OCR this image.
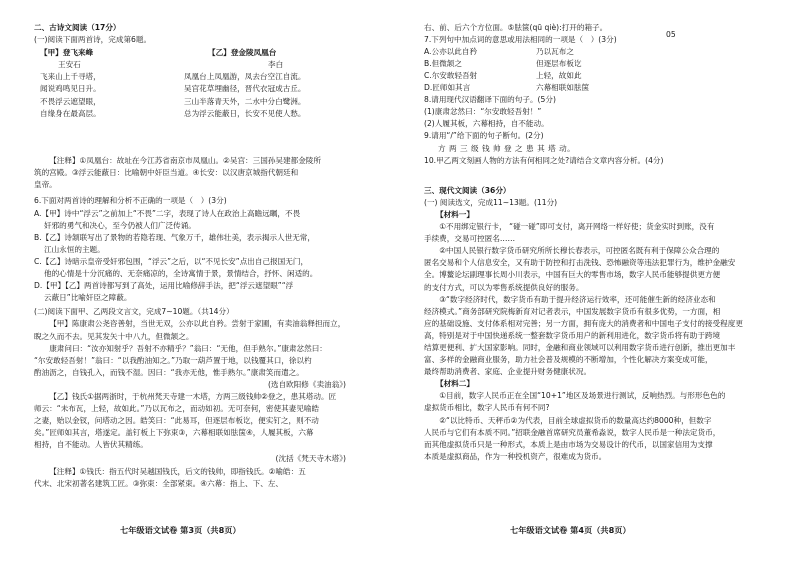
二、古诗文阅读（17分）
(一)阅读下面两首诗，完成第6题。
【甲】登飞来峰
王安石
飞来山上千寻塔，
闻说鸡鸣见日升。
不畏浮云遮望眼，
自缘身在最高层。
【乙】登金陵凤凰台
李白
凤凰台上凤凰游，凤去台空江自流。
吴宫花草埋幽径，晋代衣冠成古丘。
三山半落青天外，二水中分白鹭洲。
总为浮云能蔽日，长安不见使人愁。
【注释】①凤凰台：故址在今江苏省南京市凤凰山。②吴宫：三国孙吴建都金陵所
筑的宫殿。③浮云能蔽日：比喻朝中奸臣当道。④长安：以汉唐京城指代朝廷和
皇帝。
6.下面对两首诗的理解和分析不正确的一项是（　）(3分)
A.【甲】诗中“浮云”之前加上“不畏”二字，表现了诗人在政治上高瞻远瞩，不畏
奸邪的勇气和决心，至今仍被人们广泛传诵。
B.【乙】诗颔联写出了景物的若隐若现、气象万千，雄伟壮美，表示揭示人世无常，
江山永恒的主题。
C.【乙】诗暗示皇帝受奸邪包围，“浮云”之后，以“不见长安”点出自己报国无门，
他的心情是十分沉痛的、无奈痛凉的，全诗寓情于景，景情结合，抒怀、闲适的。
D.【甲】【乙】两首诗都写到了高处，运用比喻修辞手法，把“浮云遮望眼”“浮
云蔽日”比喻奸臣之障蔽。
(二)阅读下面甲、乙两段文言文，完成7~10题。（共14分）
【甲】陈康肃公尧咨善射，当世无双，公亦以此自矜。尝射于家圃，有卖油翁释担而立，
睨之久而不去。见其发矢十中八九，但微颔之。
康肃问曰：“汝亦知射乎？吾射不亦精乎？”翁曰：“无他，但手熟尔。”康肃忿然曰：
“尔安敢轻吾射！”翁曰：“以我酌油知之。”乃取一葫芦置于地，以钱覆其口，徐以杓
酌油沥之，自钱孔入，而钱不湿。因曰：“我亦无他，惟手熟尔。”康肃笑而遣之。
(选自欧阳修《卖油翁》)
【乙】钱氏①据两浙时，于杭州梵天寺建一木塔，方两三级钱帅②登之，患其塔动。匠
师云：“未布瓦，上轻，故如此。”乃以瓦布之，而动如初。无可奈何，密使其妻见喻皓
之妻，贻以金钗，问塔动之因。皓笑曰：“此易耳，但逐层布板讫，便实钉之，则不动
矣。”匠师如其言，塔遂定。盖钉板上下弥束③，六幕相联如胠箧④，人履其板，六幕
相持，自不能动。人皆伏其精练。
(沈括《梵天寺木塔》)
【注释】①钱氏：指五代时吴越国钱氏，后文的钱帅，即指钱氏。②喻皓：五
代末、北宋初著名建筑工匠。③弥束：全部紧束。④六幕：指上、下、左、
七年级语文试卷 第3页（共8页）
右、前、后六个方位面。⑤胠箧(qū qiè):打开的箱子。
7.下列句中加点词的意思或用法相同的一项是（　）(3分)
A.公亦以此自矜	乃以瓦布之
B.但微颔之	但逐层布板讫
C.尔安敢轻吾射	上轻，故如此
D.匠师如其言	六幕相联如胠箧
8.请用现代汉语翻译下面的句子。(5分)
(1)康肃忿然曰：“尔安敢轻吾射！”
(2)人履其板，六幕相持，自不能动。
9.请用“/”给下面的句子断句。(2分)
方 两 三 级 钱 帅 登 之 患 其 塔 动。
10.甲乙两文刻画人物的方法有何相同之处?请结合文章内容分析。(4分)
三、现代文阅读（36分）
(一) 阅读选文，完成11~13题。(11分)
【材料一】
①不用绑定银行卡， “碰一碰”即可支付，离开网络一样好使；货金实时到账，没有
手续费，交易可控匿名……
②中国人民银行数字货币研究所所长穆长春表示，可控匿名既有利于保障公众合理的
匿名交易和个人信息安全，又有助于防控和打击洗钱、恐怖融资等违法犯罪行为，维护金融安
全。博鳌论坛副理事长周小川表示，中国有巨大的零售市场，数字人民币能够提供更方便
的支付方式，可以为零售系统提供良好的服务。
③“数字经济时代，数字货币有助于提升经济运行效率，还可能催生新的经济业态和
经济模式。”商务部研究院梅新育对记者表示，中国发展数字货币有很多优势，一方面，相
应的基础设施、支付体系相对完善；另一方面，拥有庞大的消费者和中国电子支付的接受程度更
高，特别是对于中国快递系统一整套数字货币用户的新利用进化，数字货币将有助于跨境
结算更便利、扩大国家影响。同时，金融和商业领域可以利用数字货币进行创新，推出更加丰
富、多样的金融商业服务，助力社会普及规模的不断增加，个性化解决方案变成可能，
最终帮助消费者、家庭、企业提升财务健康状况。
【材料二】
①目前，数字人民币正在全国“10+1”地区及场景进行测试，反响热烈。与形形色色的
虚拟货币相比，数字人民币有何不同?
②“以比特币、天秤币②为代表，目前全球虚拟货币的数量高达约8000种，但数字
人民币与它们有本质不同。”招联金融首席研究员董希淼说，数字人民币是一种法定货币，
而其他虚拟货币只是一种形式，本质上是由市场为交易设计的代币，以国家信用为支撑
本质是虚拟商品，作为一种投机资产，很难成为货币。
05
七年级语文试卷 第4页（共8页）
